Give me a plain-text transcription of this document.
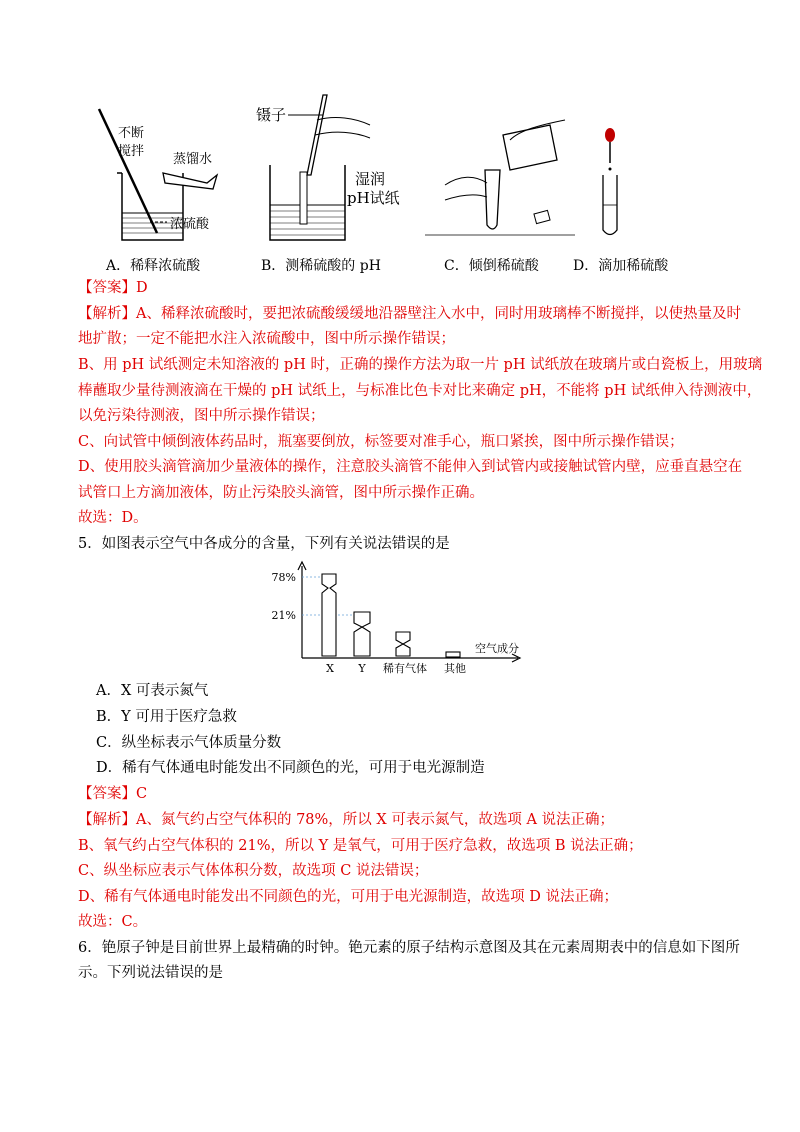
不断
搅拌
蒸馏水
浓硫酸
镊子
湿润
pH试纸
A．稀释浓硫酸	B．测稀硫酸的 pH	C．倾倒稀硫酸 D．滴加稀硫酸
【答案】D
【解析】A、稀释浓硫酸时，要把浓硫酸缓缓地沿器壁注入水中，同时用玻璃棒不断搅拌，以使热量及时
地扩散；一定不能把水注入浓硫酸中，图中所示操作错误；
B、用 pH 试纸测定未知溶液的 pH 时，正确的操作方法为取一片 pH 试纸放在玻璃片或白瓷板上，用玻璃
棒蘸取少量待测液滴在干燥的 pH 试纸上，与标准比色卡对比来确定 pH，不能将 pH 试纸伸入待测液中，
以免污染待测液，图中所示操作错误；
C、向试管中倾倒液体药品时，瓶塞要倒放，标签要对准手心，瓶口紧挨，图中所示操作错误；
D、使用胶头滴管滴加少量液体的操作，注意胶头滴管不能伸入到试管内或接触试管内壁，应垂直悬空在
试管口上方滴加液体，防止污染胶头滴管，图中所示操作正确。
故选：D。
5．如图表示空气中各成分的含量，下列有关说法错误的是
78%
21%
X Y 稀有气体 其他
空气成分
A．X 可表示氮气
B．Y 可用于医疗急救
C．纵坐标表示气体质量分数
D．稀有气体通电时能发出不同颜色的光，可用于电光源制造
【答案】C
【解析】A、氮气约占空气体积的 78%，所以 X 可表示氮气，故选项 A 说法正确；
B、氧气约占空气体积的 21%，所以 Y 是氧气，可用于医疗急救，故选项 B 说法正确；
C、纵坐标应表示气体体积分数，故选项 C 说法错误；
D、稀有气体通电时能发出不同颜色的光，可用于电光源制造，故选项 D 说法正确；
故选：C。
6．铯原子钟是目前世界上最精确的时钟。铯元素的原子结构示意图及其在元素周期表中的信息如下图所
示。下列说法错误的是
